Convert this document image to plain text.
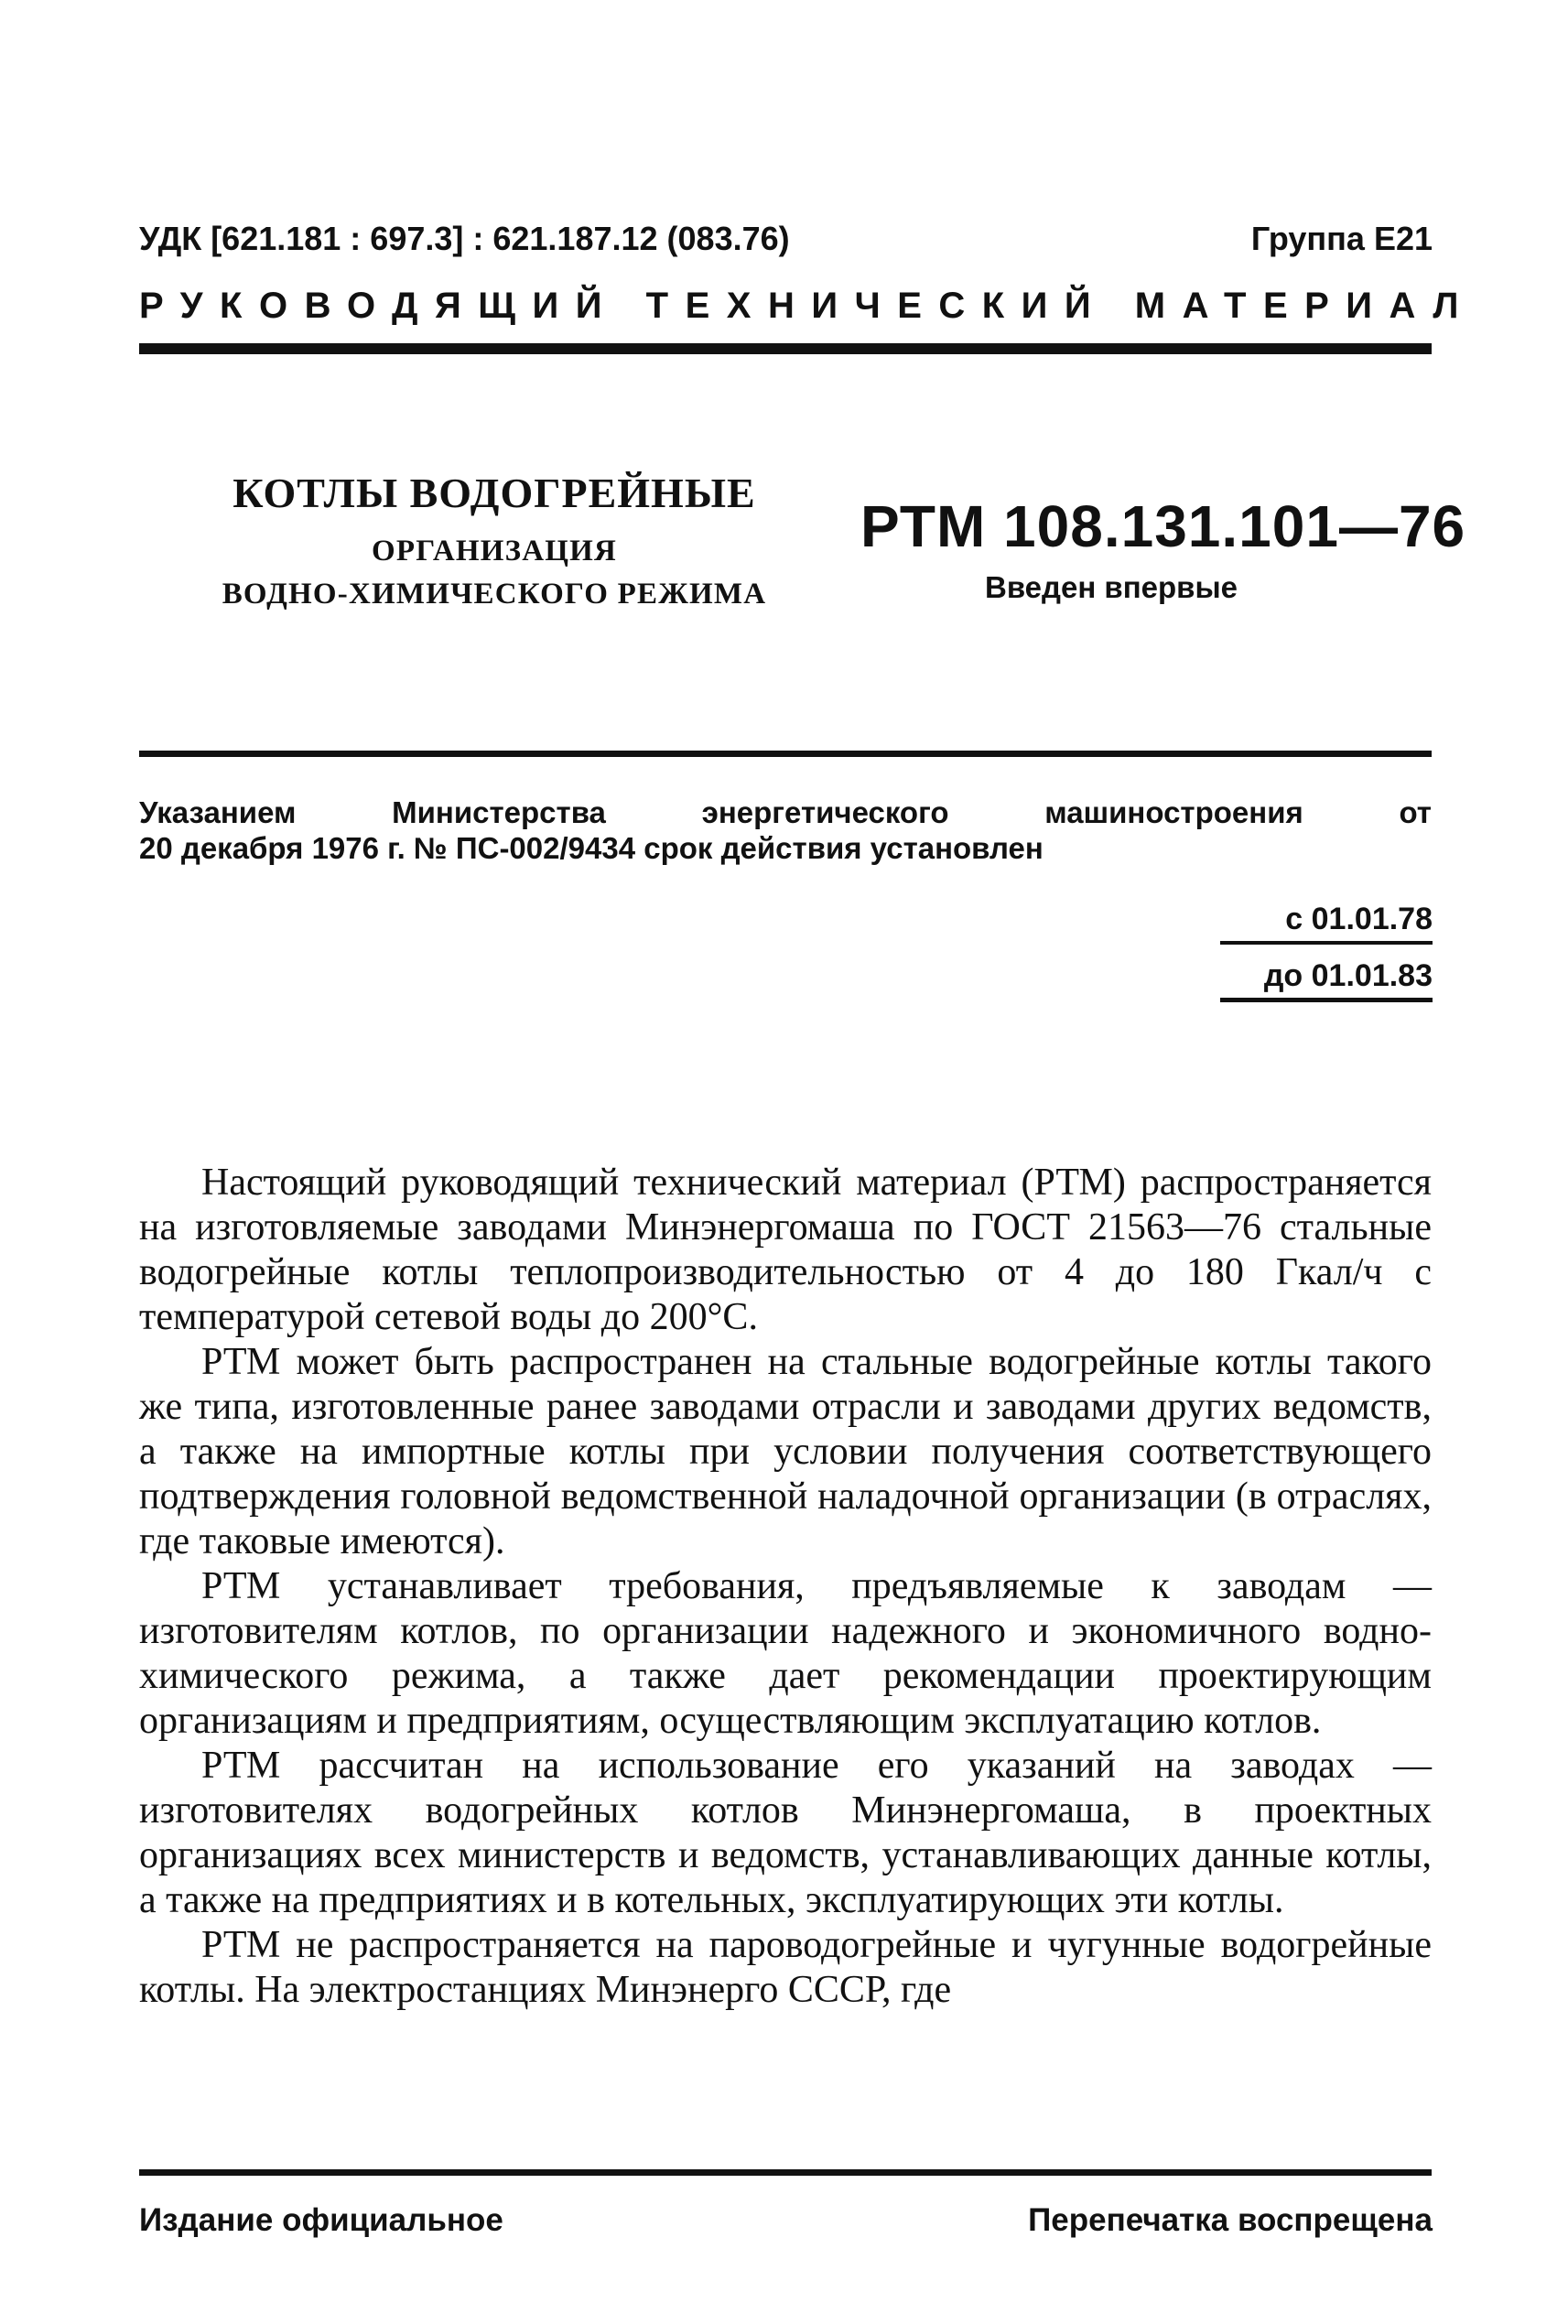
УДК [621.181 : 697.3] : 621.187.12 (083.76)	Группа Е21
РУКОВОДЯЩИЙ ТЕХНИЧЕСКИЙ МАТЕРИАЛ
КОТЛЫ ВОДОГРЕЙНЫЕ
ОРГАНИЗАЦИЯ
ВОДНО-ХИМИЧЕСКОГО РЕЖИМА
РТМ 108.131.101—76
Введен впервые
Указанием	Министерства	энергетического	машиностроения	от
20 декабря 1976 г. № ПС-002/9434 срок действия установлен
с 01.01.78
до 01.01.83

Настоящий руководящий технический материал (РТМ) распространяется на изготовляемые заводами Минэнергомаша по ГОСТ 21563—76 стальные водогрейные котлы теплопроизводительностью от 4 до 180 Гкал/ч с температурой сетевой воды до 200°С.

РТМ может быть распространен на стальные водогрейные котлы такого же типа, изготовленные ранее заводами отрасли и заводами других ведомств, а также на импортные котлы при условии получения соответствующего подтверждения головной ведомственной наладочной организации (в отраслях, где таковые имеются).

РТМ устанавливает требования, предъявляемые к заводам — изготовителям котлов, по организации надежного и экономичного водно-химического режима, а также дает рекомендации проектирующим организациям и предприятиям, осуществляющим эксплуатацию котлов.

РТМ рассчитан на использование его указаний на заводах — изготовителях водогрейных котлов Минэнергомаша, в проектных организациях всех министерств и ведомств, устанавливающих данные котлы, а также на предприятиях и в котельных, эксплуатирующих эти котлы.

РТМ не распространяется на пароводогрейные и чугунные водогрейные котлы. На электростанциях Минэнерго СССР, где

Издание официальное	Перепечатка воспрещена
